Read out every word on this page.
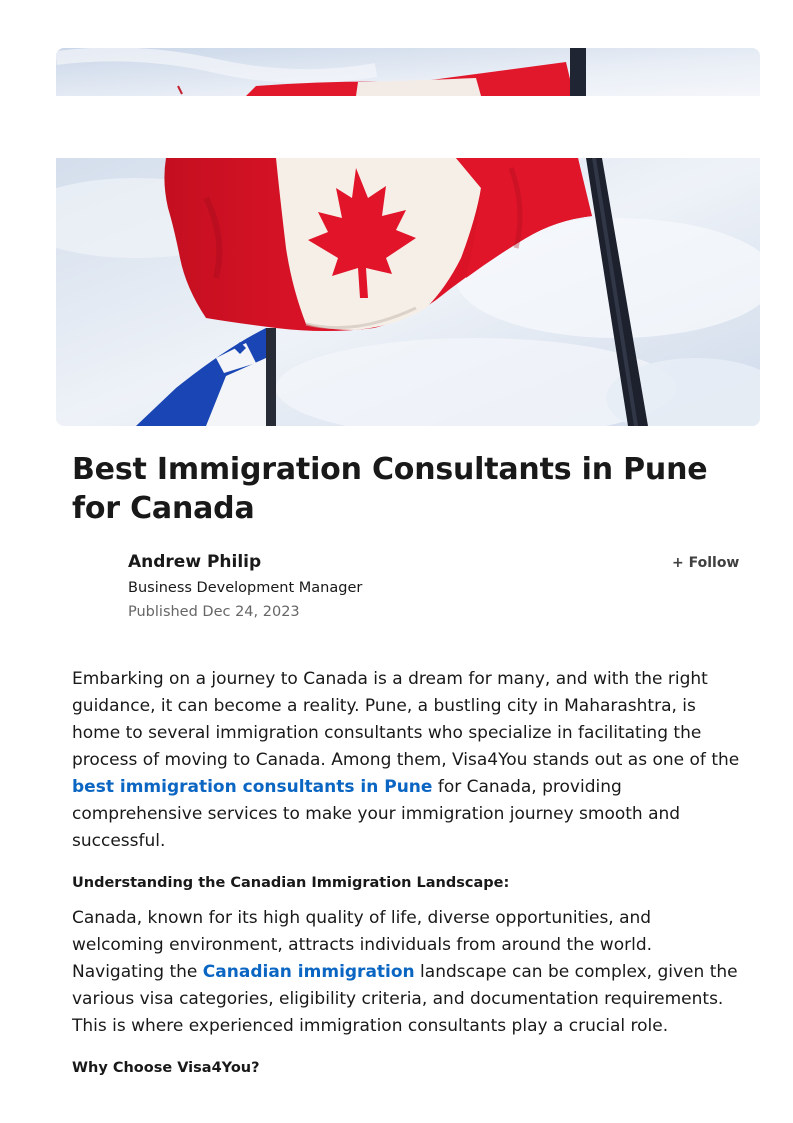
Best Immigration Consultants in Pune for Canada
Andrew Philip
Business Development Manager
Published Dec 24, 2023
+ Follow

Embarking on a journey to Canada is a dream for many, and with the right guidance, it can become a reality. Pune, a bustling city in Maharashtra, is home to several immigration consultants who specialize in facilitating the process of moving to Canada. Among them, Visa4You stands out as one of the best immigration consultants in Pune for Canada, providing comprehensive services to make your immigration journey smooth and successful.

Understanding the Canadian Immigration Landscape:

Canada, known for its high quality of life, diverse opportunities, and welcoming environment, attracts individuals from around the world. Navigating the Canadian immigration landscape can be complex, given the various visa categories, eligibility criteria, and documentation requirements. This is where experienced immigration consultants play a crucial role.

Why Choose Visa4You?
